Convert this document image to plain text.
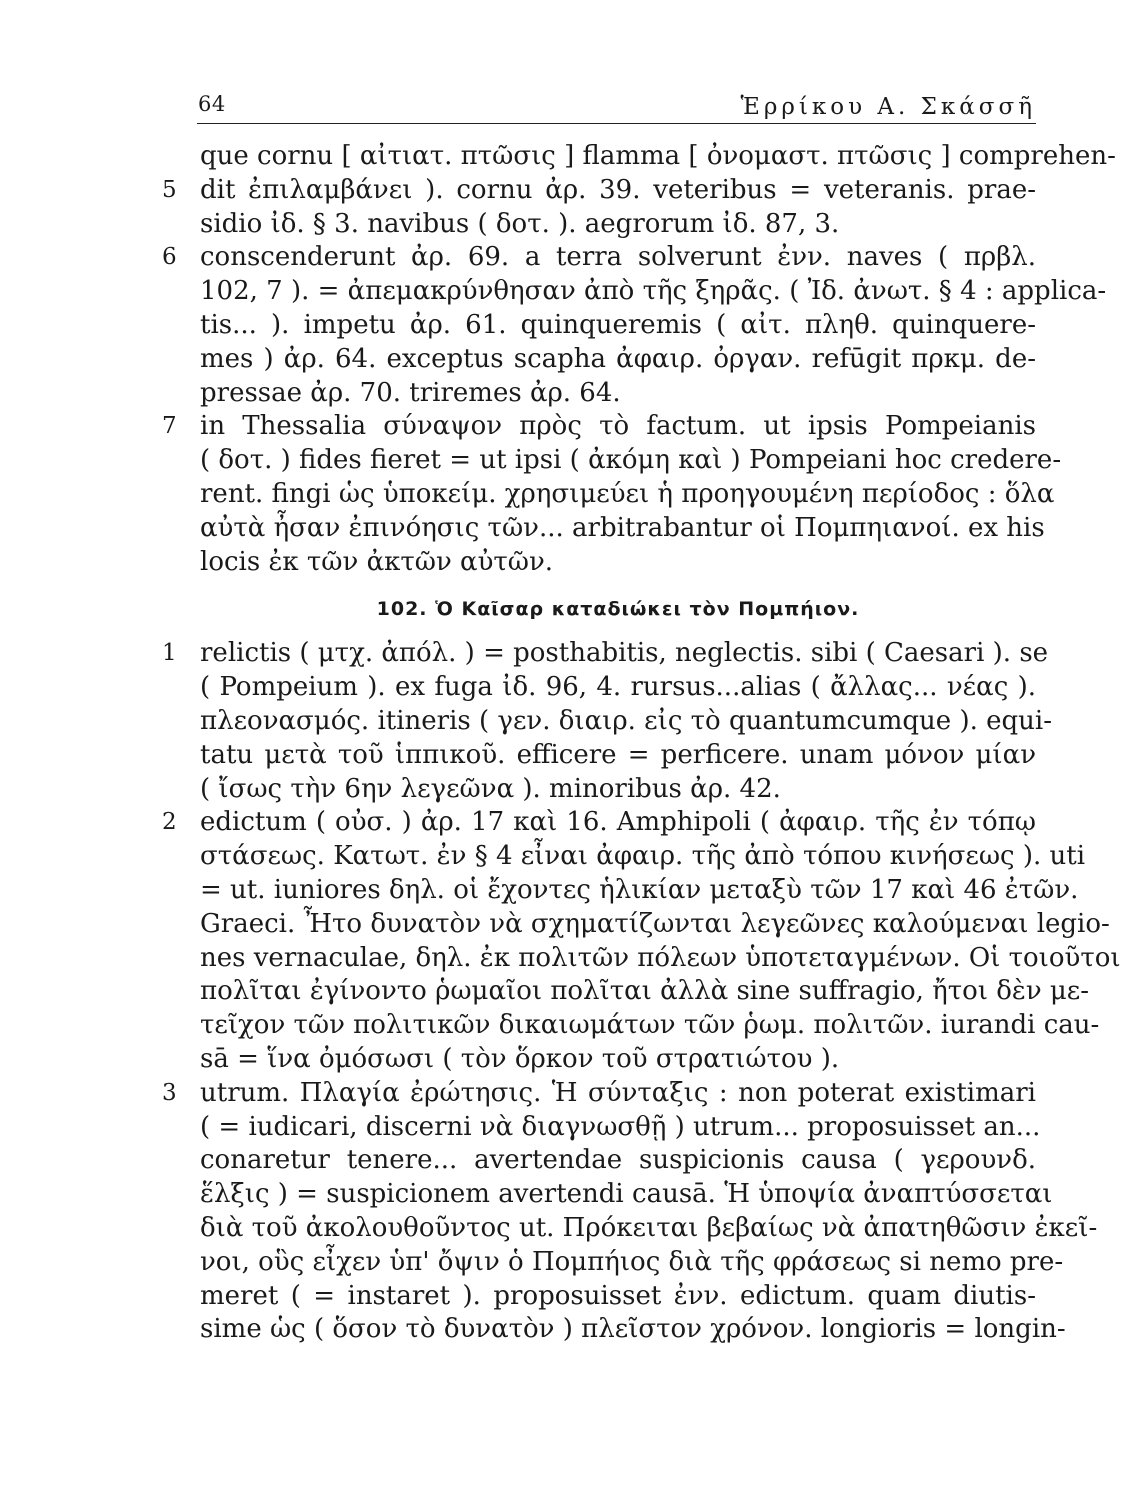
64	Ἑρρίκου Α. Σκάσσῆ
que cornu [ αἰτιατ. πτῶσις ] flamma [ ὀνομαστ. πτῶσις ] comprehen-
dit ἐπιλαμβάνει ). cornu ἀρ. 39. veteribus = veteranis. prae-
5
sidio ἰδ. § 3. navibus ( δοτ. ). aegrorum ἰδ. 87, 3.
conscenderunt ἀρ. 69. a terra solverunt ἐνν. naves ( πρβλ.
6
102, 7 ). = ἀπεμακρύνθησαν ἀπὸ τῆς ξηρᾶς. ( Ἰδ. ἀνωτ. § 4 : applica-
tis... ). impetu ἀρ. 61. quinqueremis ( αἰτ. πληθ. quinquere-
mes ) ἀρ. 64. exceptus scapha ἀφαιρ. ὀργαν. refūgit πρκμ. de-
pressae ἀρ. 70. triremes ἀρ. 64.
in Thessalia σύναψον πρὸς τὸ factum. ut ipsis Pompeianis
7
( δοτ. ) fides fieret = ut ipsi ( ἀκόμη καὶ ) Pompeiani hoc credere-
rent. fingi ὡς ὑποκείμ. χρησιμεύει ἡ προηγουμένη περίοδος : ὅλα
αὐτὰ ἦσαν ἐπινόησις τῶν... arbitrabantur οἱ Πομπηιανοί. ex his
locis ἐκ τῶν ἀκτῶν αὐτῶν.
102. Ὁ Καῖσαρ καταδιώκει τὸν Πομπήιον.
relictis ( μτχ. ἀπόλ. ) = posthabitis, neglectis. sibi ( Caesari ). se
1
( Pompeium ). ex fuga ἰδ. 96, 4. rursus...alias ( ἄλλας... νέας ).
πλεονασμός. itineris ( γεν. διαιρ. εἰς τὸ quantumcumque ). equi-
tatu μετὰ τοῦ ἱππικοῦ. efficere = perficere. unam μόνον μίαν
( ἴσως τὴν 6ην λεγεῶνα ). minoribus ἀρ. 42.
edictum ( οὐσ. ) ἀρ. 17 καὶ 16. Amphipoli ( ἀφαιρ. τῆς ἐν τόπῳ
2
στάσεως. Κατωτ. ἐν § 4 εἶναι ἀφαιρ. τῆς ἀπὸ τόπου κινήσεως ). uti
= ut. iuniores δηλ. οἱ ἔχοντες ἡλικίαν μεταξὺ τῶν 17 καὶ 46 ἐτῶν.
Graeci. Ἦτο δυνατὸν νὰ σχηματίζωνται λεγεῶνες καλούμεναι legio-
nes vernaculae, δηλ. ἐκ πολιτῶν πόλεων ὑποτεταγμένων. Οἱ τοιοῦτοι
πολῖται ἐγίνοντο ῥωμαῖοι πολῖται ἀλλὰ sine suffragio, ἤτοι δὲν με-
τεῖχον τῶν πολιτικῶν δικαιωμάτων τῶν ῥωμ. πολιτῶν. iurandi cau-
sā = ἵνα ὀμόσωσι ( τὸν ὅρκον τοῦ στρατιώτου ).
utrum. Πλαγία ἐρώτησις. Ἡ σύνταξις : non poterat existimari
3
( = iudicari, discerni νὰ διαγνωσθῇ ) utrum... proposuisset an...
conaretur tenere... avertendae suspicionis causa ( γερουνδ.
ἕλξις ) = suspicionem avertendi causā. Ἡ ὑποψία ἀναπτύσσεται
διὰ τοῦ ἀκολουθοῦντος ut. Πρόκειται βεβαίως νὰ ἀπατηθῶσιν ἐκεῖ-
νοι, οὓς εἶχεν ὑπ' ὄψιν ὁ Πομπήιος διὰ τῆς φράσεως si nemo pre-
meret ( = instaret ). proposuisset ἐνν. edictum. quam diutis-
sime ὡς ( ὅσον τὸ δυνατὸν ) πλεῖστον χρόνον. longioris = longin-
